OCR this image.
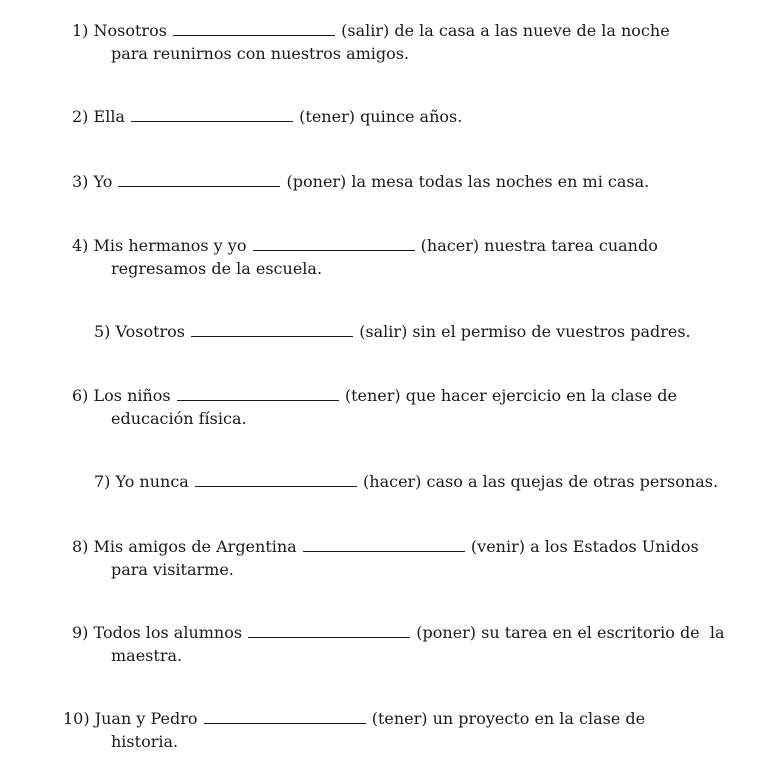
1) Nosotros	(salir) de la casa a las nueve de la noche
para reunirnos con nuestros amigos.
2) Ella	(tener) quince años.
3) Yo	(poner) la mesa todas las noches en mi casa.
4) Mis hermanos y yo	(hacer) nuestra tarea cuando
regresamos de la escuela.
5) Vosotros	(salir) sin el permiso de vuestros padres.
6) Los niños	(tener) que hacer ejercicio en la clase de
educación física.
7) Yo nunca	(hacer) caso a las quejas de otras personas.
8) Mis amigos de Argentina	(venir) a los Estados Unidos
para visitarme.
9) Todos los alumnos	(poner) su tarea en el escritorio de  la
maestra.
10) Juan y Pedro	(tener) un proyecto en la clase de
historia.
